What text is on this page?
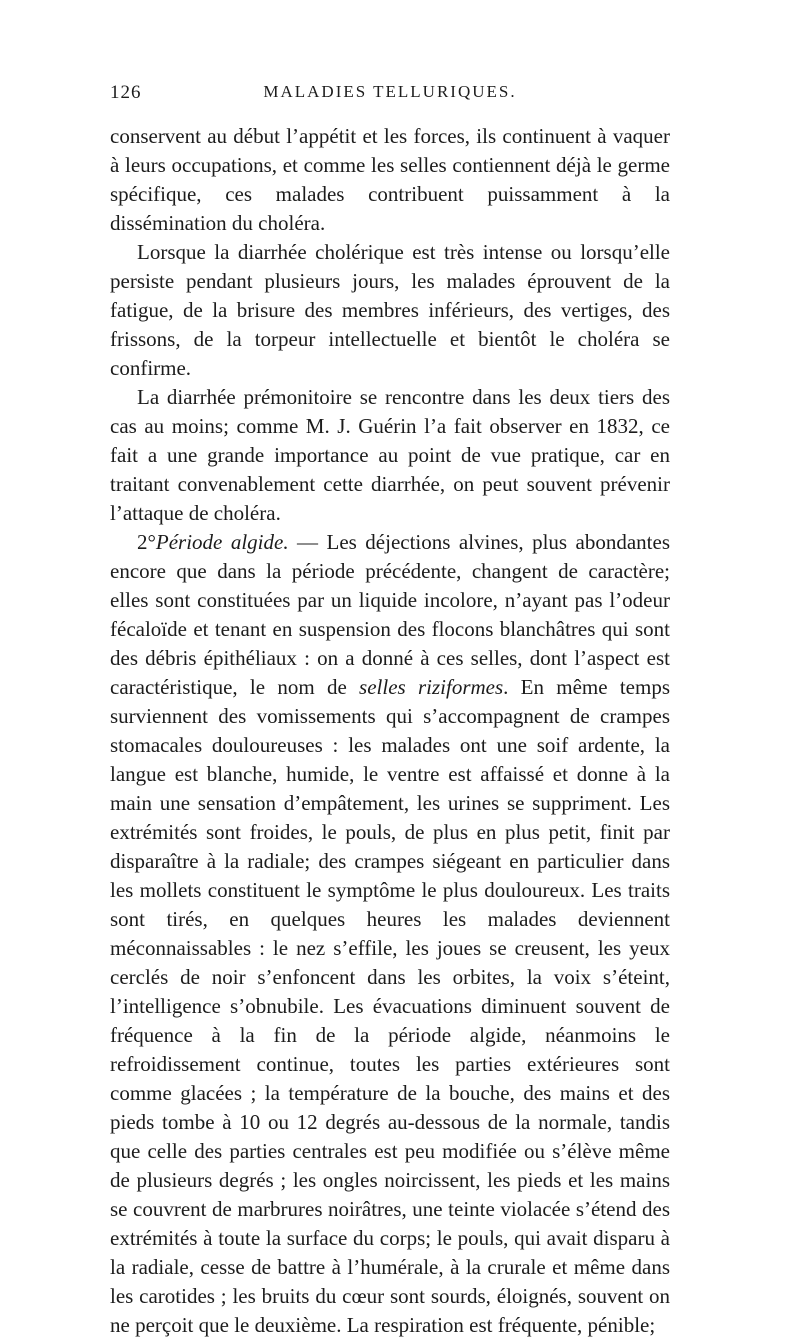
126	MALADIES TELLURIQUES.

conservent au début l’appétit et les forces, ils continuent à vaquer à leurs occupations, et comme les selles contiennent déjà le germe spécifique, ces malades contribuent puissamment à la dissémination du choléra.

Lorsque la diarrhée cholérique est très intense ou lorsqu’elle persiste pendant plusieurs jours, les malades éprouvent de la fatigue, de la brisure des membres inférieurs, des vertiges, des frissons, de la torpeur intellectuelle et bientôt le choléra se confirme.

La diarrhée prémonitoire se rencontre dans les deux tiers des cas au moins; comme M. J. Guérin l’a fait observer en 1832, ce fait a une grande importance au point de vue pratique, car en traitant convenablement cette diarrhée, on peut souvent prévenir l’attaque de choléra.

2°Période algide. — Les déjections alvines, plus abondantes encore que dans la période précédente, changent de caractère; elles sont constituées par un liquide incolore, n’ayant pas l’odeur fécaloïde et tenant en suspension des flocons blanchâtres qui sont des débris épithéliaux : on a donné à ces selles, dont l’aspect est caractéristique, le nom de selles riziformes. En même temps surviennent des vomissements qui s’accompagnent de crampes stomacales douloureuses : les malades ont une soif ardente, la langue est blanche, humide, le ventre est affaissé et donne à la main une sensation d’empâtement, les urines se suppriment. Les extrémités sont froides, le pouls, de plus en plus petit, finit par disparaître à la radiale; des crampes siégeant en particulier dans les mollets constituent le symptôme le plus douloureux. Les traits sont tirés, en quelques heures les malades deviennent méconnaissables : le nez s’effile, les joues se creusent, les yeux cerclés de noir s’enfoncent dans les orbites, la voix s’éteint, l’intelligence s’obnubile. Les évacuations diminuent souvent de fréquence à la fin de la période algide, néanmoins le refroidissement continue, toutes les parties extérieures sont comme glacées ; la température de la bouche, des mains et des pieds tombe à 10 ou 12 degrés au-dessous de la normale, tandis que celle des parties centrales est peu modifiée ou s’élève même de plusieurs degrés ; les ongles noircissent, les pieds et les mains se couvrent de marbrures noirâtres, une teinte violacée s’étend des extrémités à toute la surface du corps; le pouls, qui avait disparu à la radiale, cesse de battre à l’humérale, à la crurale et même dans les carotides ; les bruits du cœur sont sourds, éloignés, souvent on ne perçoit que le deuxième. La respiration est fréquente, pénible;
